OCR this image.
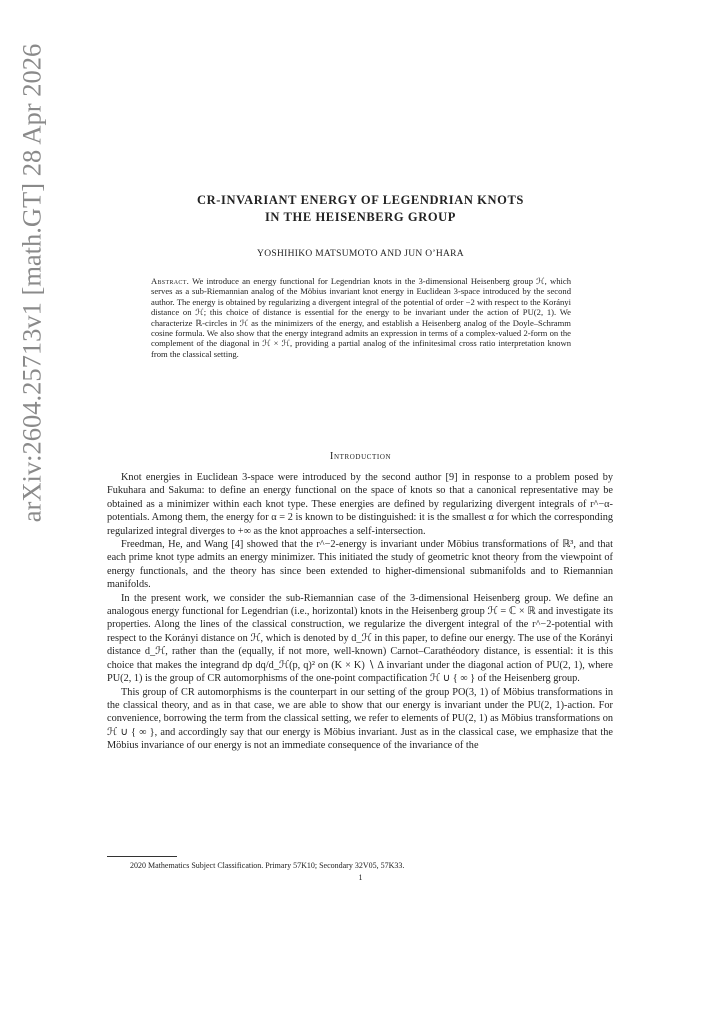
arXiv:2604.25713v1 [math.GT] 28 Apr 2026	CR-INVARIANT ENERGY OF LEGENDRIAN KNOTS
IN THE HEISENBERG GROUP
YOSHIHIKO MATSUMOTO AND JUN O’HARA
Abstract. We introduce an energy functional for Legendrian knots in the 3-dimensional Heisenberg group ℋ, which serves as a sub-Riemannian analog of the Möbius invariant knot energy in Euclidean 3-space introduced by the second author. The energy is obtained by regularizing a divergent integral of the potential of order −2 with respect to the Korányi distance on ℋ; this choice of distance is essential for the energy to be invariant under the action of PU(2, 1). We characterize ℝ-circles in ℋ as the minimizers of the energy, and establish a Heisenberg analog of the Doyle–Schramm cosine formula. We also show that the energy integrand admits an expression in terms of a complex-valued 2-form on the complement of the diagonal in ℋ × ℋ, providing a partial analog of the infinitesimal cross ratio interpretation known from the classical setting.
Introduction

Knot energies in Euclidean 3-space were introduced by the second author [9] in response to a problem posed by Fukuhara and Sakuma: to define an energy functional on the space of knots so that a canonical representative may be obtained as a minimizer within each knot type. These energies are defined by regularizing divergent integrals of r^−α-potentials. Among them, the energy for α = 2 is known to be distinguished: it is the smallest α for which the corresponding regularized integral diverges to +∞ as the knot approaches a self-intersection.

Freedman, He, and Wang [4] showed that the r^−2-energy is invariant under Möbius transformations of ℝ³, and that each prime knot type admits an energy minimizer. This initiated the study of geometric knot theory from the viewpoint of energy functionals, and the theory has since been extended to higher-dimensional submanifolds and to Riemannian manifolds.

In the present work, we consider the sub-Riemannian case of the 3-dimensional Heisenberg group. We define an analogous energy functional for Legendrian (i.e., horizontal) knots in the Heisenberg group ℋ = ℂ × ℝ and investigate its properties. Along the lines of the classical construction, we regularize the divergent integral of the r^−2-potential with respect to the Korányi distance on ℋ, which is denoted by d_ℋ in this paper, to define our energy. The use of the Korányi distance d_ℋ, rather than the (equally, if not more, well-known) Carnot–Carathéodory distance, is essential: it is this choice that makes the integrand dp dq/d_ℋ(p, q)² on (K × K) ∖ Δ invariant under the diagonal action of PU(2, 1), where PU(2, 1) is the group of CR automorphisms of the one-point compactification ℋ ∪ { ∞ } of the Heisenberg group.

This group of CR automorphisms is the counterpart in our setting of the group PO(3, 1) of Möbius transformations in the classical theory, and as in that case, we are able to show that our energy is invariant under the PU(2, 1)-action. For convenience, borrowing the term from the classical setting, we refer to elements of PU(2, 1) as Möbius transformations on ℋ ∪ { ∞ }, and accordingly say that our energy is Möbius invariant. Just as in the classical case, we emphasize that the Möbius invariance of our energy is not an immediate consequence of the invariance of the

2020 Mathematics Subject Classification. Primary 57K10; Secondary 32V05, 57K33.
1
